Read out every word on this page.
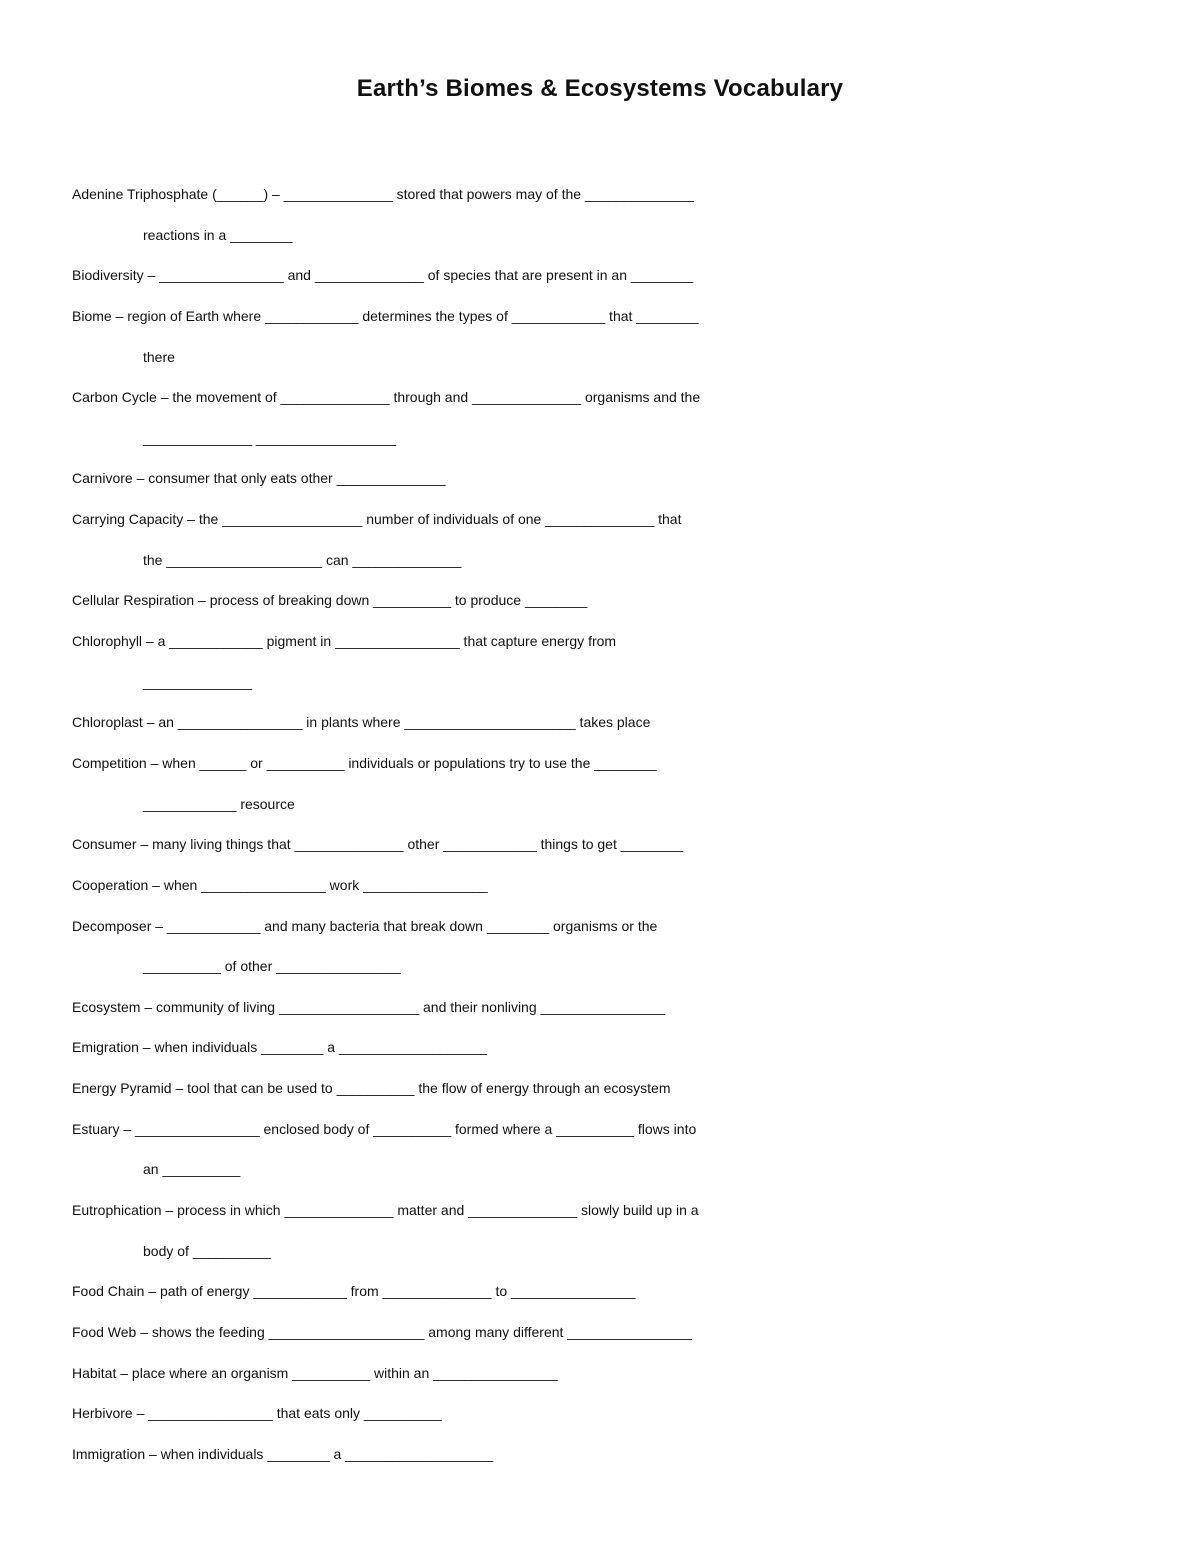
Earth’s Biomes & Ecosystems Vocabulary
Adenine Triphosphate (______) – ______________ stored that powers may of the ______________
reactions in a ________
Biodiversity – ________________ and ______________ of species that are present in an ________
Biome – region of Earth where ____________ determines the types of ____________ that ________
there
Carbon Cycle – the movement of ______________ through and ______________ organisms and the
______________ __________________
Carnivore – consumer that only eats other ______________
Carrying Capacity – the __________________ number of individuals of one ______________ that
the ____________________ can ______________
Cellular Respiration – process of breaking down __________ to produce ________
Chlorophyll – a ____________ pigment in ________________ that capture energy from
______________
Chloroplast – an ________________ in plants where ______________________ takes place
Competition – when ______ or __________ individuals or populations try to use the ________
____________ resource
Consumer – many living things that ______________ other ____________ things to get ________
Cooperation – when ________________ work ________________
Decomposer – ____________ and many bacteria that break down ________ organisms or the
__________ of other ________________
Ecosystem – community of living __________________ and their nonliving ________________
Emigration – when individuals ________ a ___________________
Energy Pyramid – tool that can be used to __________ the flow of energy through an ecosystem
Estuary – ________________ enclosed body of __________ formed where a __________ flows into
an __________
Eutrophication – process in which ______________ matter and ______________ slowly build up in a
body of __________
Food Chain – path of energy ____________ from ______________ to ________________
Food Web – shows the feeding ____________________ among many different ________________
Habitat – place where an organism __________ within an ________________
Herbivore – ________________ that eats only __________
Immigration – when individuals ________ a ___________________
